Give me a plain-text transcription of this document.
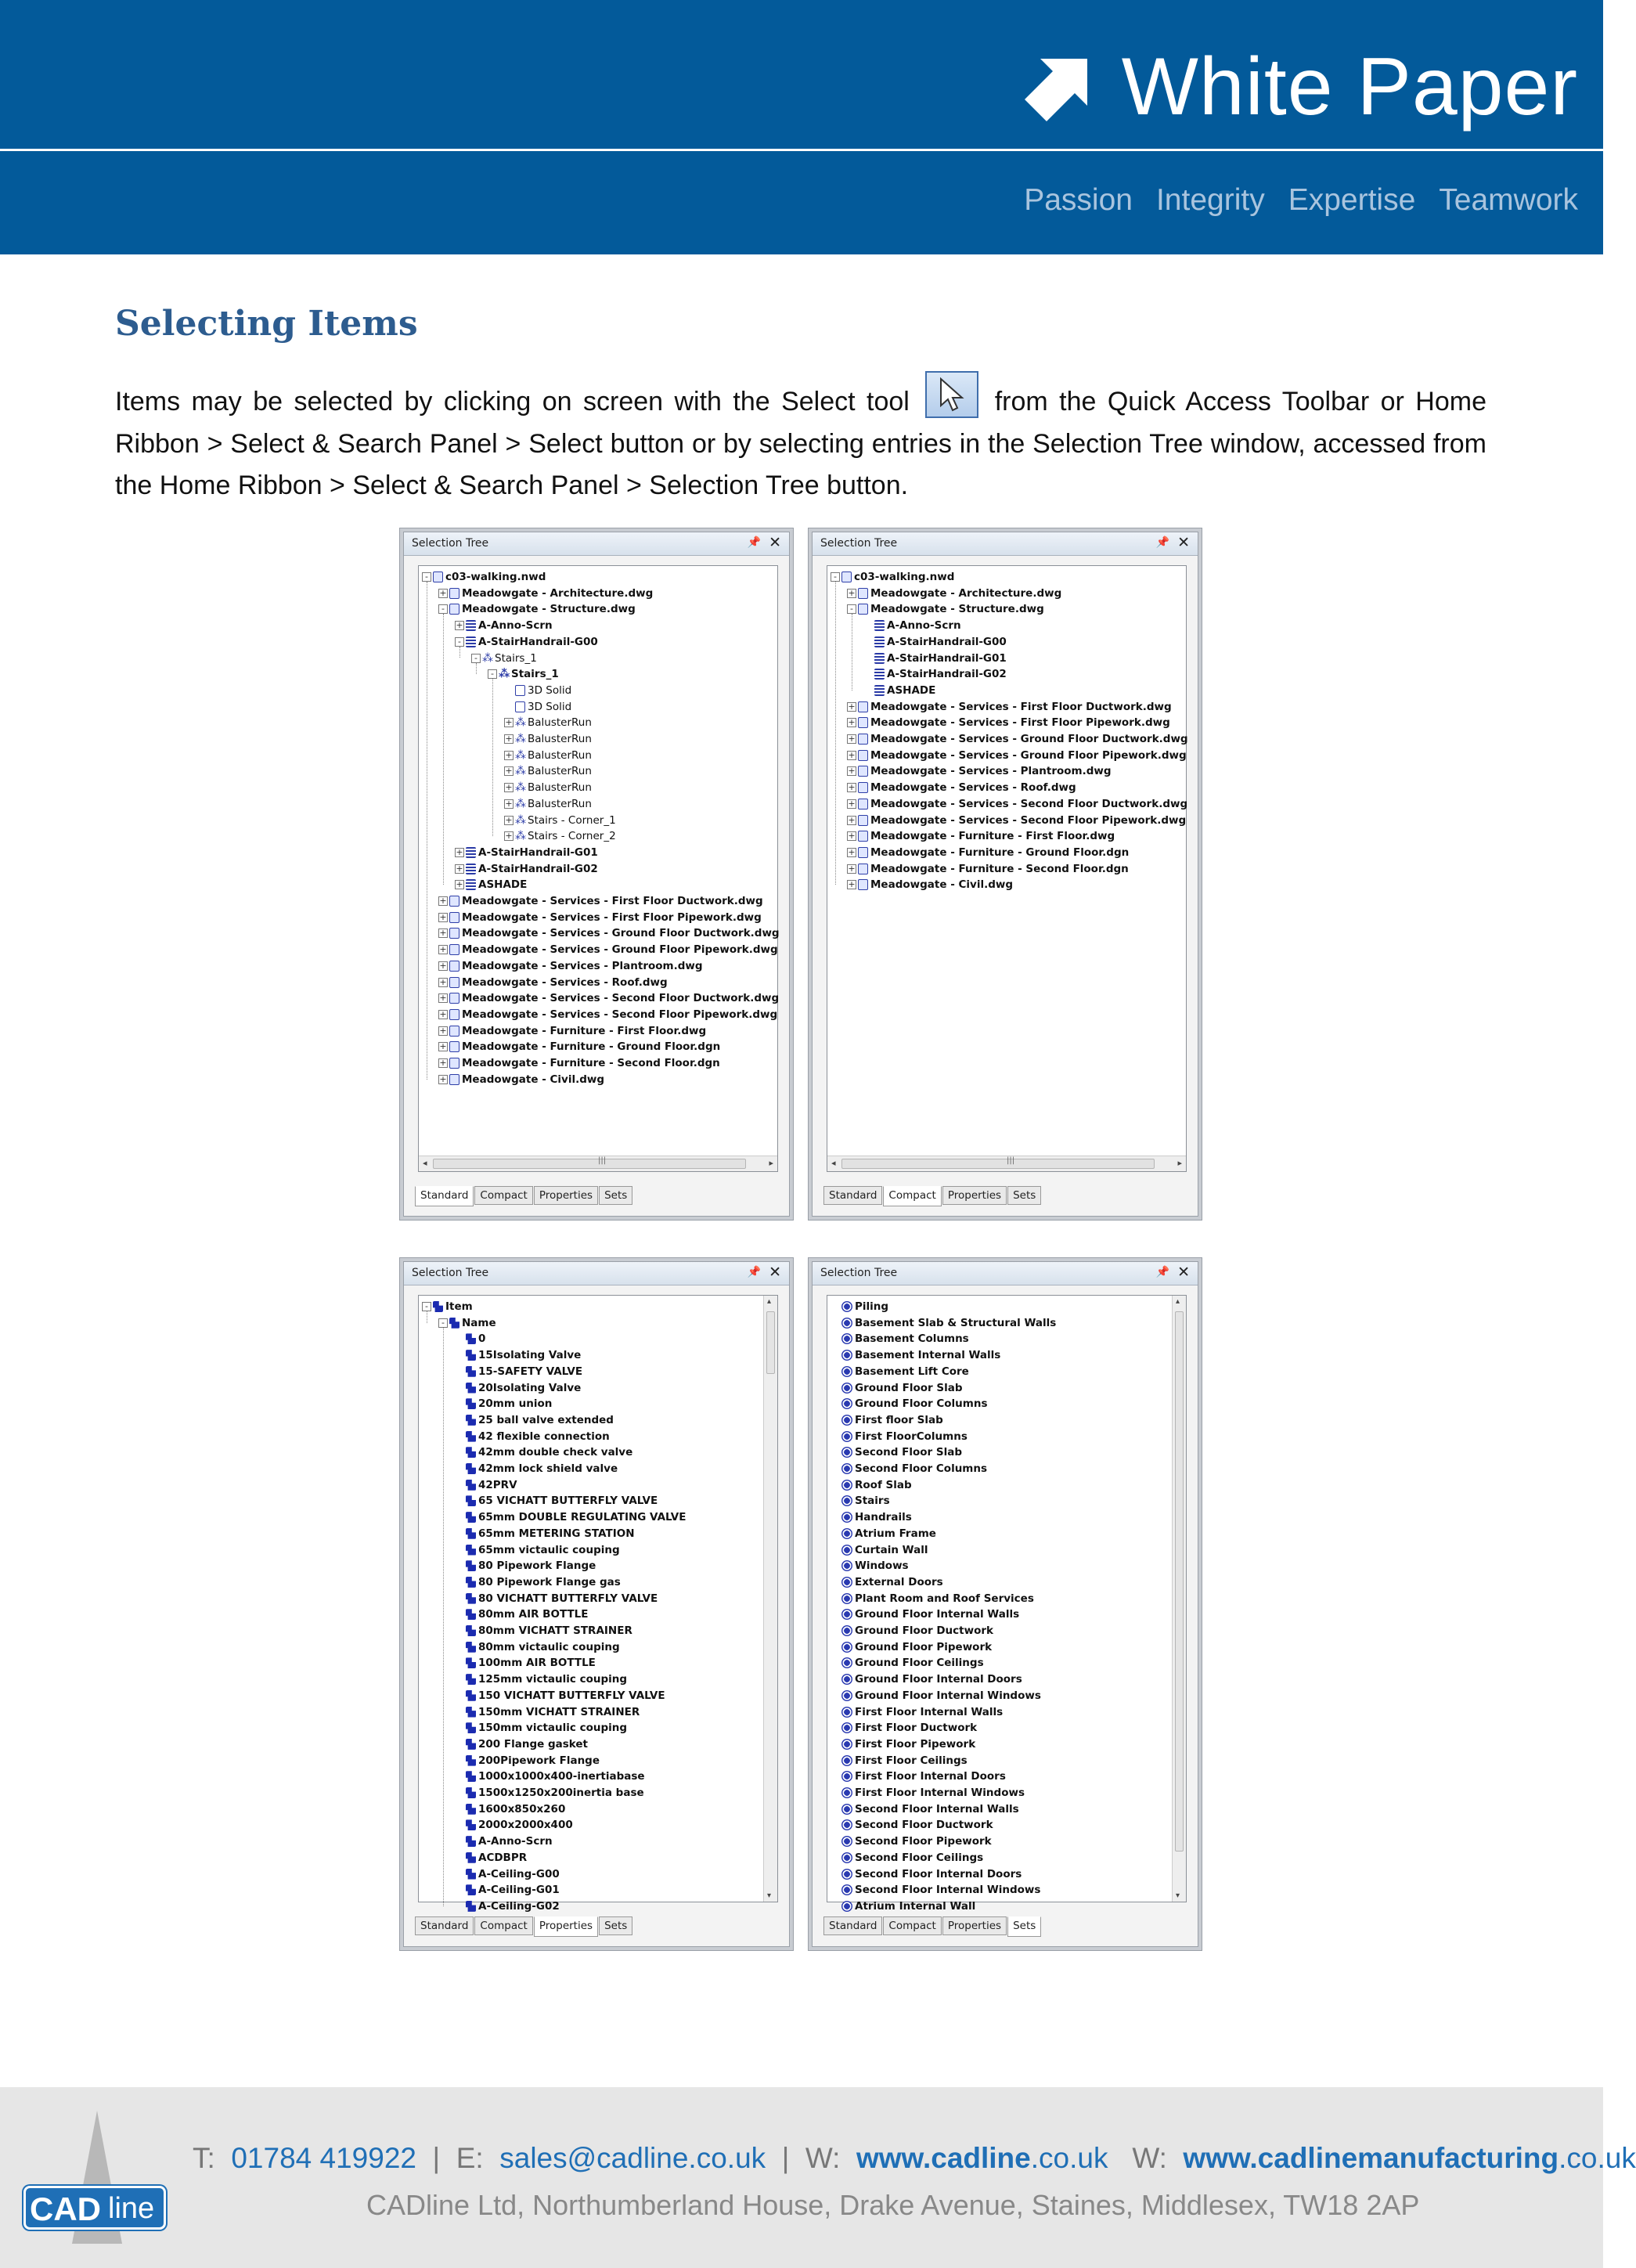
White Paper
Passion Integrity Expertise Teamwork
Selecting Items

Items may be selected by clicking on screen with the Select tool	from the Quick Access Toolbar or Home Ribbon > Select & Search Panel > Select button or by selecting entries in the Selection Tree window, accessed from the Home Ribbon > Select & Search Panel > Selection Tree button.

Selection Tree	📌 ✕
- c03-walking.nwd
+ Meadowgate - Architecture.dwg
- Meadowgate - Structure.dwg
+ A-Anno-Scrn
- A-StairHandrail-G00
- ⁂ Stairs_1
- ⁂ Stairs_1
3D Solid
3D Solid
+ ⁂ BalusterRun
+ ⁂ BalusterRun
+ ⁂ BalusterRun
+ ⁂ BalusterRun
+ ⁂ BalusterRun
+ ⁂ BalusterRun
+ ⁂ Stairs - Corner_1
+ ⁂ Stairs - Corner_2
+ A-StairHandrail-G01
+ A-StairHandrail-G02
+ ASHADE
+ Meadowgate - Services - First Floor Ductwork.dwg
+ Meadowgate - Services - First Floor Pipework.dwg
+ Meadowgate - Services - Ground Floor Ductwork.dwg
+ Meadowgate - Services - Ground Floor Pipework.dwg
+ Meadowgate - Services - Plantroom.dwg
+ Meadowgate - Services - Roof.dwg
+ Meadowgate - Services - Second Floor Ductwork.dwg
+ Meadowgate - Services - Second Floor Pipework.dwg
+ Meadowgate - Furniture - First Floor.dwg
+ Meadowgate - Furniture - Ground Floor.dgn
+ Meadowgate - Furniture - Second Floor.dgn
+ Meadowgate - Civil.dwg
◂	|||	▸
Standard	Compact	Properties	Sets
Selection Tree	📌 ✕
- c03-walking.nwd
+ Meadowgate - Architecture.dwg
- Meadowgate - Structure.dwg
A-Anno-Scrn
A-StairHandrail-G00
A-StairHandrail-G01
A-StairHandrail-G02
ASHADE
+ Meadowgate - Services - First Floor Ductwork.dwg
+ Meadowgate - Services - First Floor Pipework.dwg
+ Meadowgate - Services - Ground Floor Ductwork.dwg
+ Meadowgate - Services - Ground Floor Pipework.dwg
+ Meadowgate - Services - Plantroom.dwg
+ Meadowgate - Services - Roof.dwg
+ Meadowgate - Services - Second Floor Ductwork.dwg
+ Meadowgate - Services - Second Floor Pipework.dwg
+ Meadowgate - Furniture - First Floor.dwg
+ Meadowgate - Furniture - Ground Floor.dgn
+ Meadowgate - Furniture - Second Floor.dgn
+ Meadowgate - Civil.dwg
◂	|||	▸
Standard	Compact	Properties	Sets
Selection Tree	📌 ✕
- Item
- Name
0
15Isolating Valve
15-SAFETY VALVE
20Isolating Valve
20mm union
25 ball valve extended
42 flexible connection
42mm double check valve
42mm lock shield valve
42PRV
65 VICHATT BUTTERFLY VALVE
65mm DOUBLE REGULATING VALVE
65mm METERING STATION
65mm victaulic couping
80 Pipework Flange
80 Pipework Flange gas
80 VICHATT BUTTERFLY VALVE
80mm AIR BOTTLE
80mm VICHATT STRAINER
80mm victaulic couping
100mm AIR BOTTLE
125mm victaulic couping
150 VICHATT BUTTERFLY VALVE
150mm VICHATT STRAINER
150mm victaulic couping
200 Flange gasket
200Pipework Flange
1000x1000x400-inertiabase
1500x1250x200inertia base
1600x850x260
2000x2000x400
A-Anno-Scrn
ACDBPR
A-Ceiling-G00
A-Ceiling-G01
A-Ceiling-G02
▴
▾
Standard	Compact	Properties	Sets
Selection Tree	📌 ✕
Piling
Basement Slab & Structural Walls
Basement Columns
Basement Internal Walls
Basement Lift Core
Ground Floor Slab
Ground Floor Columns
First floor Slab
First FloorColumns
Second Floor Slab
Second Floor Columns
Roof Slab
Stairs
Handrails
Atrium Frame
Curtain Wall
Windows
External Doors
Plant Room and Roof Services
Ground Floor Internal Walls
Ground Floor Ductwork
Ground Floor Pipework
Ground Floor Ceilings
Ground Floor Internal Doors
Ground Floor Internal Windows
First Floor Internal Walls
First Floor Ductwork
First Floor Pipework
First Floor Ceilings
First Floor Internal Doors
First Floor Internal Windows
Second Floor Internal Walls
Second Floor Ductwork
Second Floor Pipework
Second Floor Ceilings
Second Floor Internal Doors
Second Floor Internal Windows
Atrium Internal Wall
▴
▾
Standard	Compact	Properties	Sets
CAD line
T: 01784 419922  |  E: sales@cadline.co.uk  |  W: www.cadline.co.uk W: www.cadlinemanufacturing.co.uk
CADline Ltd, Northumberland House, Drake Avenue, Staines, Middlesex, TW18 2AP
